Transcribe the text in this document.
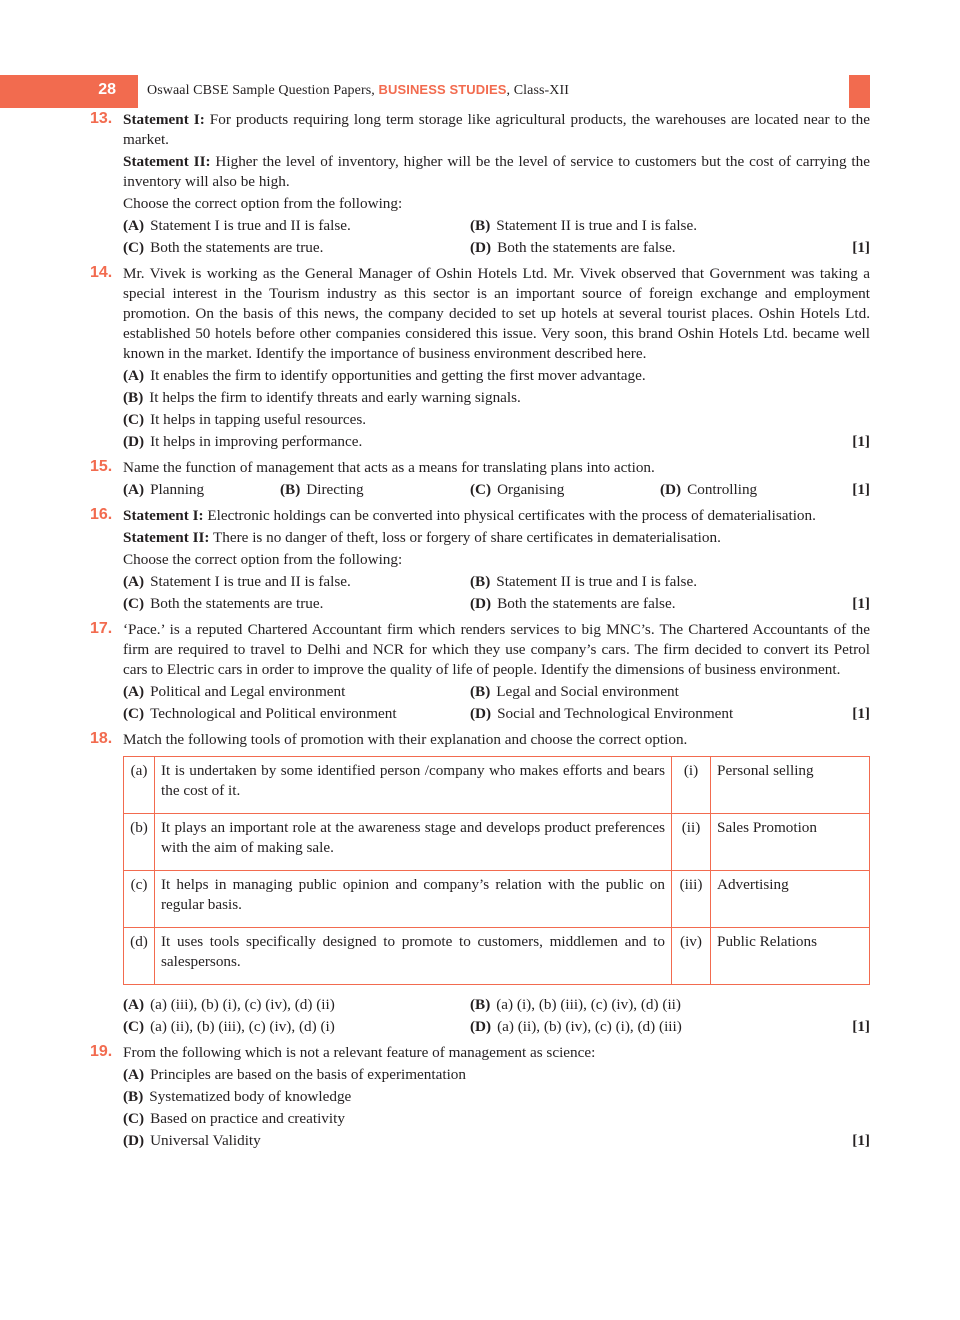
28 Oswaal CBSE Sample Question Papers, BUSINESS STUDIES, Class-XII
13. Statement I: For products requiring long term storage like agricultural products, the warehouses are located near to the market.

Statement II: Higher the level of inventory, higher will be the level of service to customers but the cost of carrying the inventory will also be high.

Choose the correct option from the following:

(A) Statement I is true and II is false.	(B) Statement II is true and I is false.
(C) Both the statements are true.	(D) Both the statements are false.	[1]
14. Mr. Vivek is working as the General Manager of Oshin Hotels Ltd. Mr. Vivek observed that Government was taking a special interest in the Tourism industry as this sector is an important source of foreign exchange and employment promotion. On the basis of this news, the company decided to set up hotels at several tourist places. Oshin Hotels Ltd. established 50 hotels before other companies considered this issue. Very soon, this brand Oshin Hotels Ltd. became well known in the market. Identify the importance of business environment described here.

(A) It enables the firm to identify opportunities and getting the first mover advantage.
(B) It helps the firm to identify threats and early warning signals.
(C) It helps in tapping useful resources.
(D) It helps in improving performance.	[1]
15. Name the function of management that acts as a means for translating plans into action.

(A) Planning	(B) Directing	(C) Organising	(D) Controlling	[1]
16. Statement I: Electronic holdings can be converted into physical certificates with the process of dematerialisation.

Statement II: There is no danger of theft, loss or forgery of share certificates in dematerialisation.

Choose the correct option from the following:

(A) Statement I is true and II is false.	(B) Statement II is true and I is false.
(C) Both the statements are true.	(D) Both the statements are false.	[1]
17. ‘Pace.’ is a reputed Chartered Accountant firm which renders services to big MNC’s. The Chartered Accountants of the firm are required to travel to Delhi and NCR for which they use company’s cars. The firm decided to convert its Petrol cars to Electric cars in order to improve the quality of life of people. Identify the dimensions of business environment.

(A) Political and Legal environment	(B) Legal and Social environment
(C) Technological and Political environment	(D) Social and Technological Environment	[1]
18. Match the following tools of promotion with their explanation and choose the correct option.

(a)	It is undertaken by some identified person /company who makes efforts and bears the cost of it.	(i)	Personal selling
(b)	It plays an important role at the awareness stage and develops product preferences with the aim of making sale.	(ii)	Sales Promotion
(c)	It helps in managing public opinion and company’s relation with the public on regular basis.	(iii)	Advertising
(d)	It uses tools specifically designed to promote to customers, middlemen and to salespersons.	(iv)	Public Relations
(A) (a) (iii), (b) (i), (c) (iv), (d) (ii)	(B) (a) (i), (b) (iii), (c) (iv), (d) (ii)
(C) (a) (ii), (b) (iii), (c) (iv), (d) (i)	(D) (a) (ii), (b) (iv), (c) (i), (d) (iii)	[1]
19. From the following which is not a relevant feature of management as science:

(A) Principles are based on the basis of experimentation
(B) Systematized body of knowledge
(C) Based on practice and creativity
(D) Universal Validity	[1]
